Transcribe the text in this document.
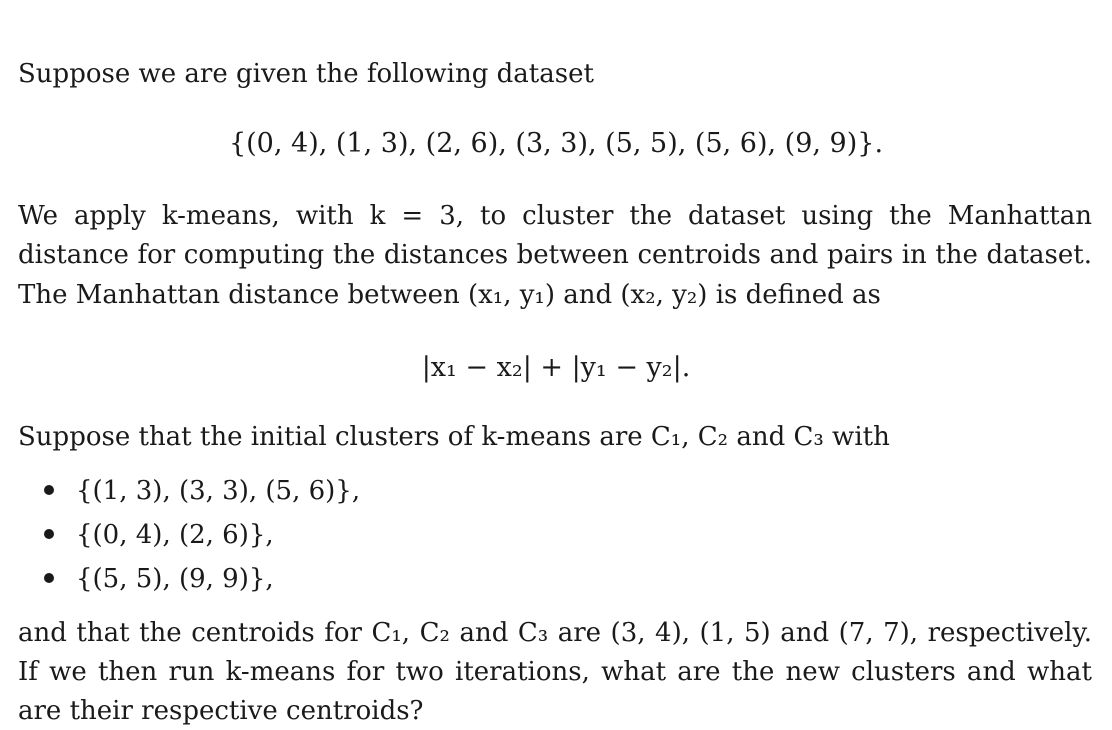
Suppose we are given the following dataset
{(0, 4), (1, 3), (2, 6), (3, 3), (5, 5), (5, 6), (9, 9)}.
We apply k-means, with k = 3, to cluster the dataset using the Manhattan
distance for computing the distances between centroids and pairs in the dataset.
The Manhattan distance between (x₁, y₁) and (x₂, y₂) is defined as
|x₁ − x₂| + |y₁ − y₂|.
Suppose that the initial clusters of k-means are C₁, C₂ and C₃ with
{(1, 3), (3, 3), (5, 6)},
{(0, 4), (2, 6)},
{(5, 5), (9, 9)},
and that the centroids for C₁, C₂ and C₃ are (3, 4), (1, 5) and (7, 7), respectively.
If we then run k-means for two iterations, what are the new clusters and what
are their respective centroids?
